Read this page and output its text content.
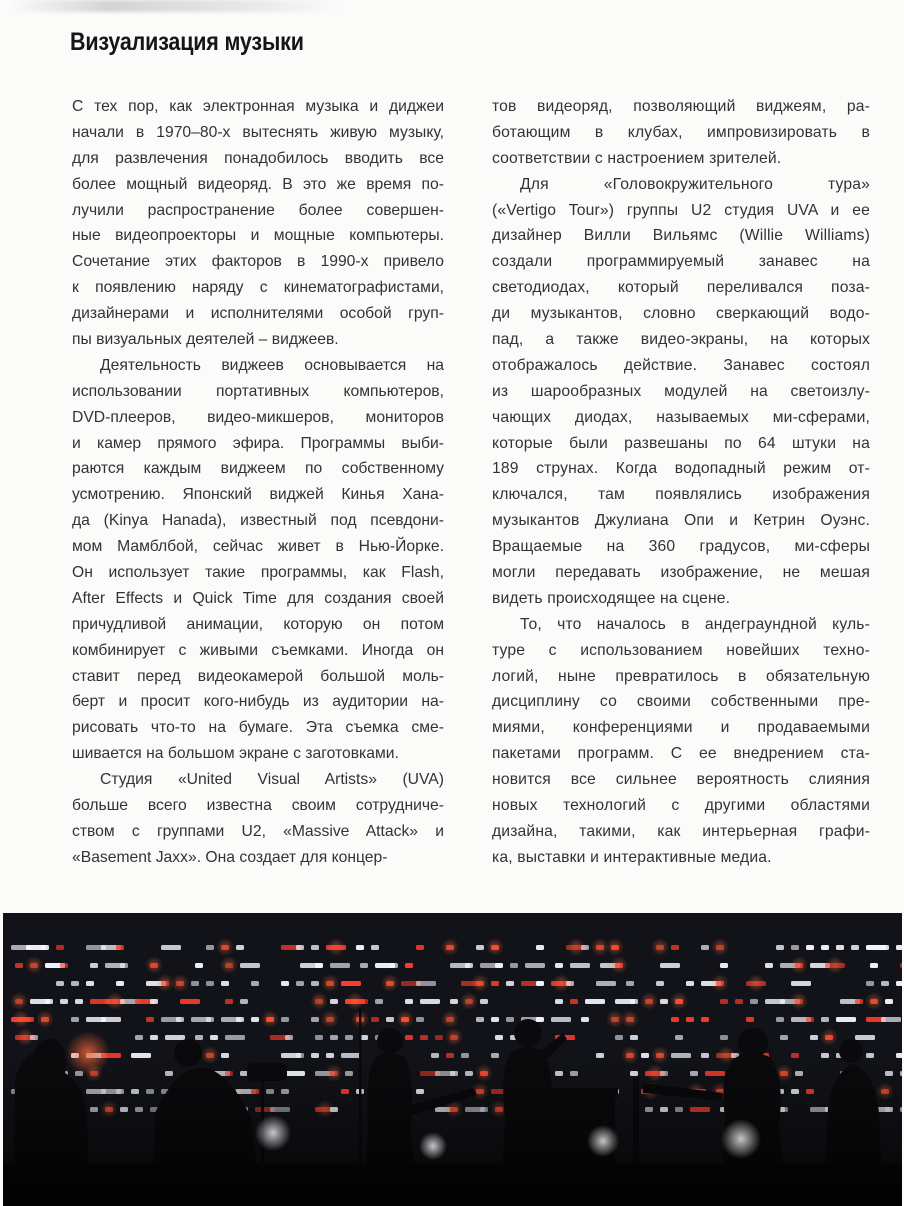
Визуализация музыки
С тех пор, как электронная музыка и диджеи
начали в 1970–80-х вытеснять живую музыку,
для развлечения понадобилось вводить все
более мощный видеоряд. В это же время по-
лучили распространение более совершен-
ные видеопроекторы и мощные компьютеры.
Сочетание этих факторов в 1990-х привело
к появлению наряду с кинематографистами,
дизайнерами и исполнителями особой груп-
пы визуальных деятелей – виджеев.
Деятельность виджеев основывается на
использовании портативных компьютеров,
DVD-плееров, видео-микшеров, мониторов
и камер прямого эфира. Программы выби-
раются каждым виджеем по собственному
усмотрению. Японский виджей Кинья Хана-
да (Kinya Hanada), известный под псевдони-
мом Мамблбой, сейчас живет в Нью-Йорке.
Он использует такие программы, как Flash,
After Effects и Quick Time для создания своей
причудливой анимации, которую он потом
комбинирует с живыми съемками. Иногда он
ставит перед видеокамерой большой моль-
берт и просит кого-нибудь из аудитории на-
рисовать что-то на бумаге. Эта съемка сме-
шивается на большом экране с заготовками.
Студия «United Visual Artists» (UVA)
больше всего известна своим сотрудниче-
ством с группами U2, «Massive Attack» и
«Basement Jaxx». Она создает для концер-
тов видеоряд, позволяющий виджеям, ра-
ботающим в клубах, импровизировать в
соответствии с настроением зрителей.
Для «Головокружительного тура»
(«Vertigo Tour») группы U2 студия UVA и ее
дизайнер Вилли Вильямс (Willie Williams)
создали программируемый занавес на
светодиодах, который переливался поза-
ди музыкантов, словно сверкающий водо-
пад, а также видео-экраны, на которых
отображалось действие. Занавес состоял
из шарообразных модулей на светоизлу-
чающих диодах, называемых ми-сферами,
которые были развешаны по 64 штуки на
189 струнах. Когда водопадный режим от-
ключался, там появлялись изображения
музыкантов Джулиана Опи и Кетрин Оуэнс.
Вращаемые на 360 градусов, ми-сферы
могли передавать изображение, не мешая
видеть происходящее на сцене.
То, что началось в андеграундной куль-
туре с использованием новейших техно-
логий, ныне превратилось в обязательную
дисциплину со своими собственными пре-
миями, конференциями и продаваемыми
пакетами программ. С ее внедрением ста-
новится все сильнее вероятность слияния
новых технологий с другими областями
дизайна, такими, как интерьерная графи-
ка, выставки и интерактивные медиа.
